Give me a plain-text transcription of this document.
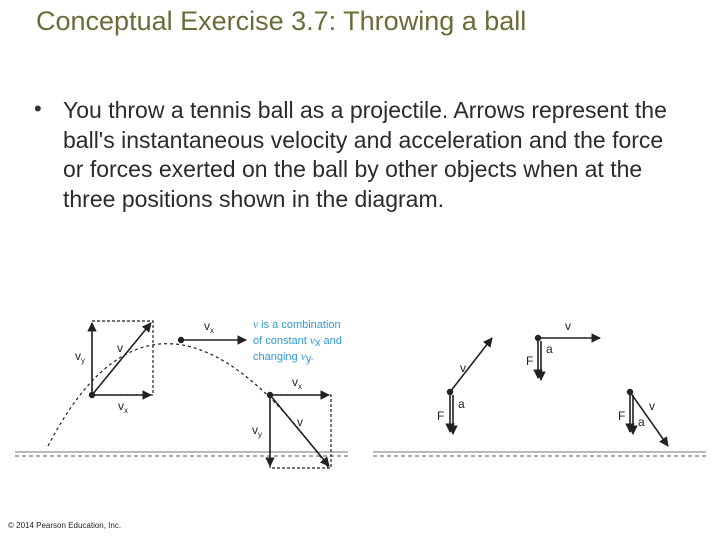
Conceptual Exercise 3.7: Throwing a ball
• You throw a tennis ball as a projectile. Arrows represent the ball's instantaneous velocity and acceleration and the force or forces exerted on the ball by other objects when at the three positions shown in the diagram.
v
$v_y$
$v_x$
$v_x$	v is a combination
of constant vx and
changing vy.
$v_x$
$v_y$
v
v
F
a
v
F
a
v
F a
© 2014 Pearson Education, Inc.
